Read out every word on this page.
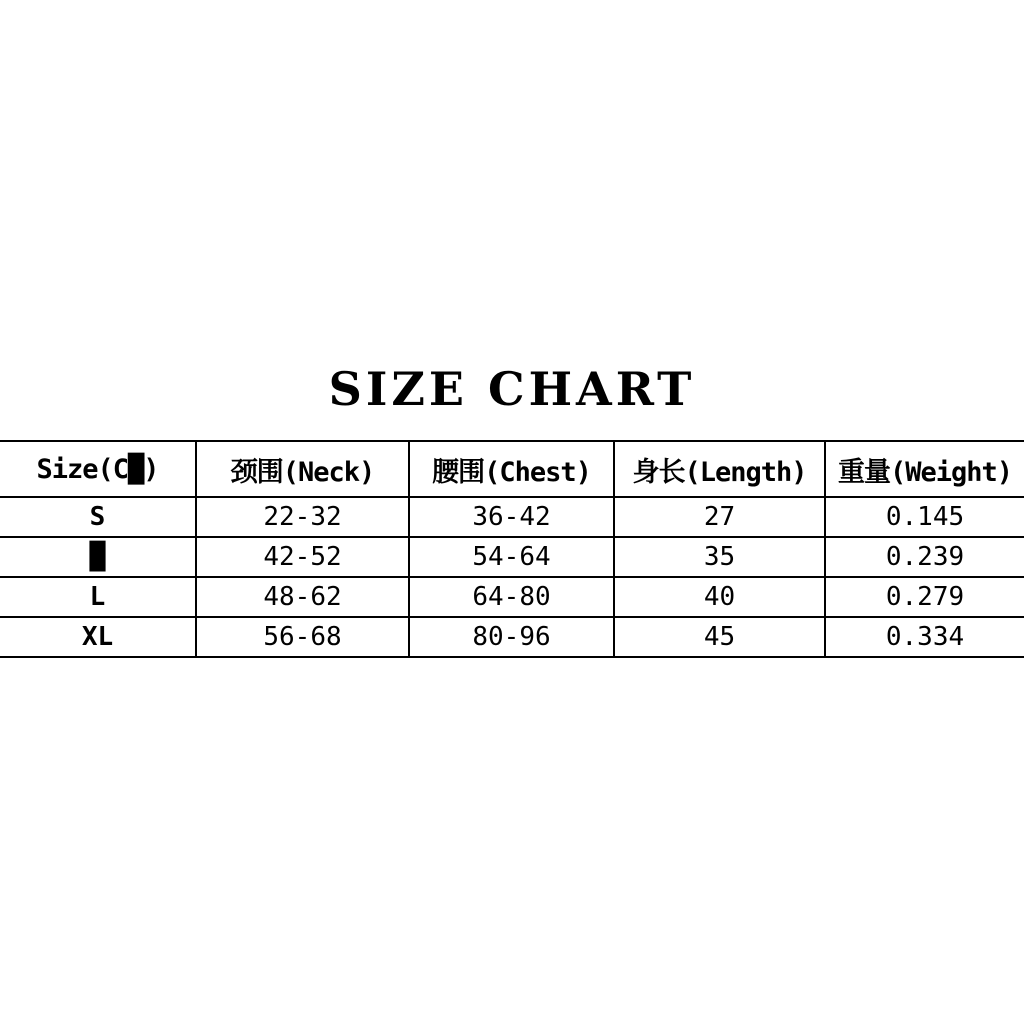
SIZE CHART
Size(C█)	颈围(Neck)	腰围(Chest)	身长(Length)	重量(Weight)
S	22-32	36-42	27	0.145
█	42-52	54-64	35	0.239
L	48-62	64-80	40	0.279
XL	56-68	80-96	45	0.334
